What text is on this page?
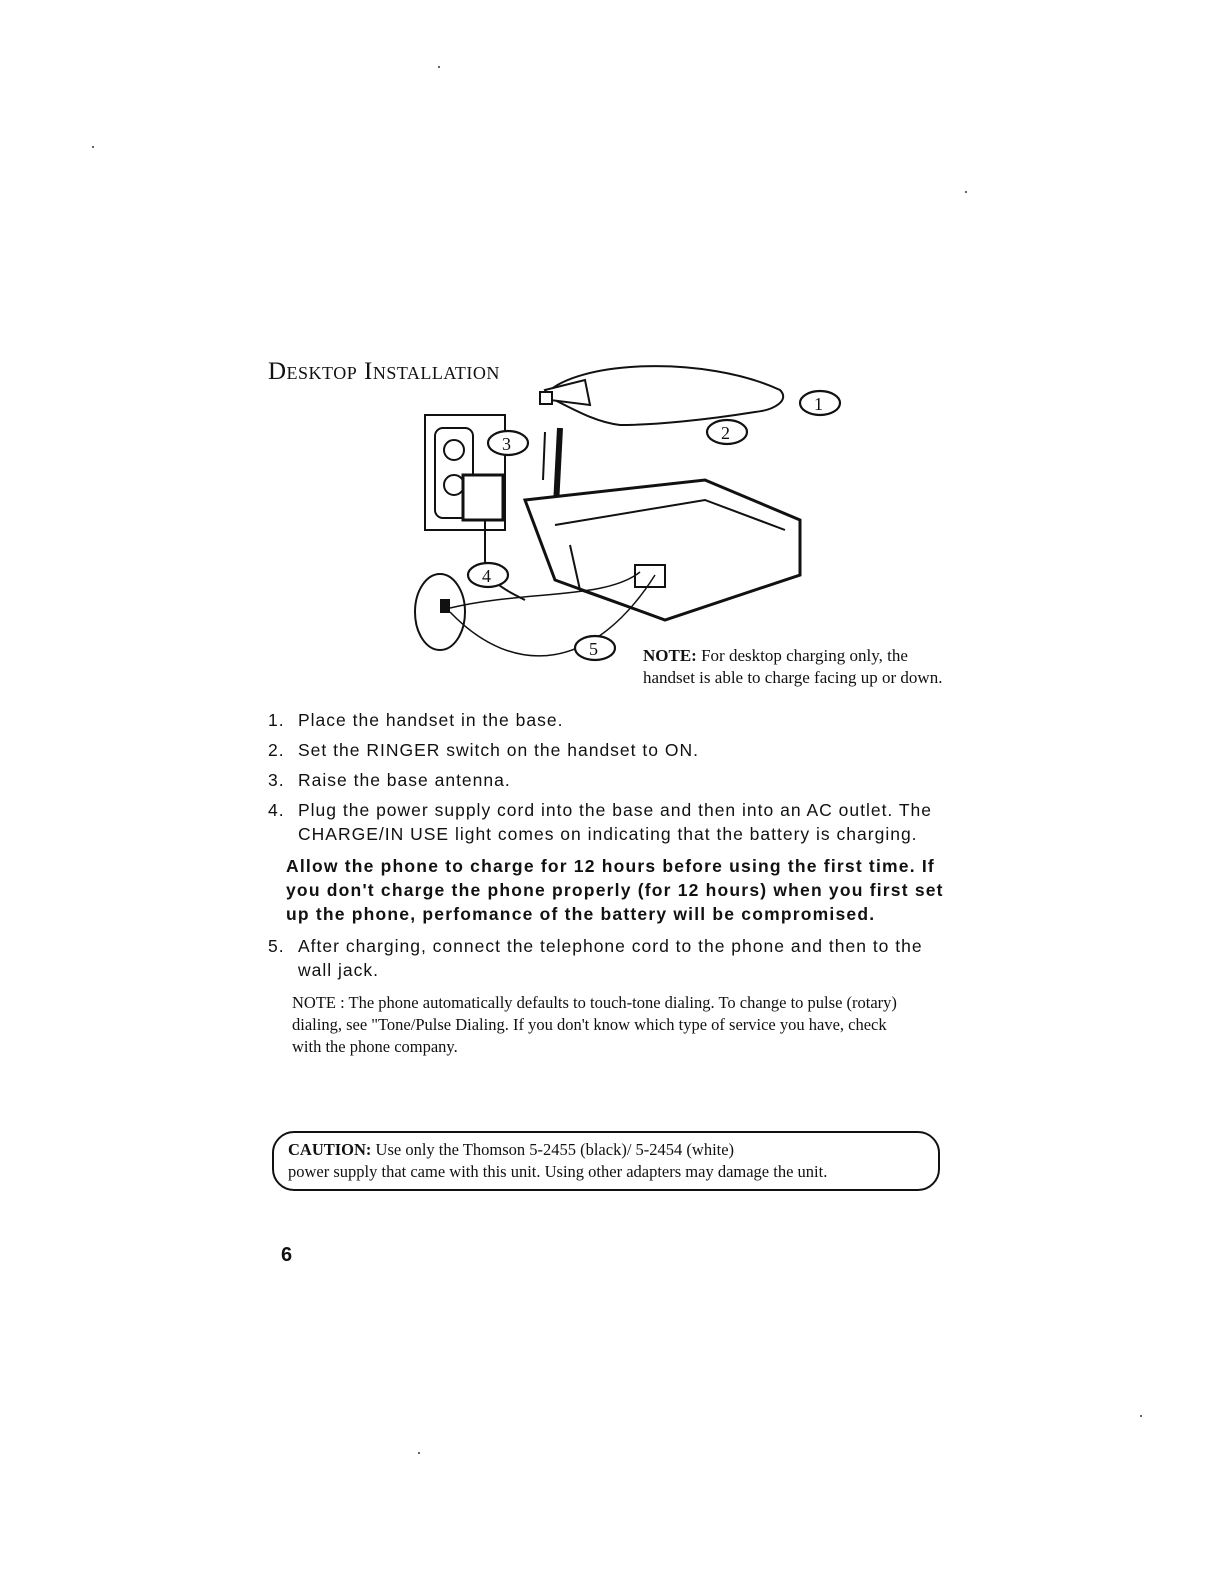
Desktop Installation
1
2
3
4
5	NOTE: For desktop charging only, the handset is able to charge facing up or down.
1. Place the handset in the base.
2. Set the RINGER switch on the handset to ON.
3. Raise the base antenna.
4. Plug the power supply cord into the base and then into an AC outlet. The CHARGE/IN USE light comes on indicating that the battery is charging.
Allow the phone to charge for 12 hours before using the first time. If you don't charge the phone properly (for 12 hours) when you first set up the phone, perfomance of the battery will be compromised.
5. After charging, connect the telephone cord to the phone and then to the wall jack.
NOTE : The phone automatically defaults to touch-tone dialing. To change to pulse (rotary) dialing, see "Tone/Pulse Dialing. If you don't know which type of service you have, check with the phone company.
CAUTION: Use only the Thomson 5-2455 (black)/ 5-2454 (white)
power supply that came with this unit. Using other adapters may damage the unit.
6
